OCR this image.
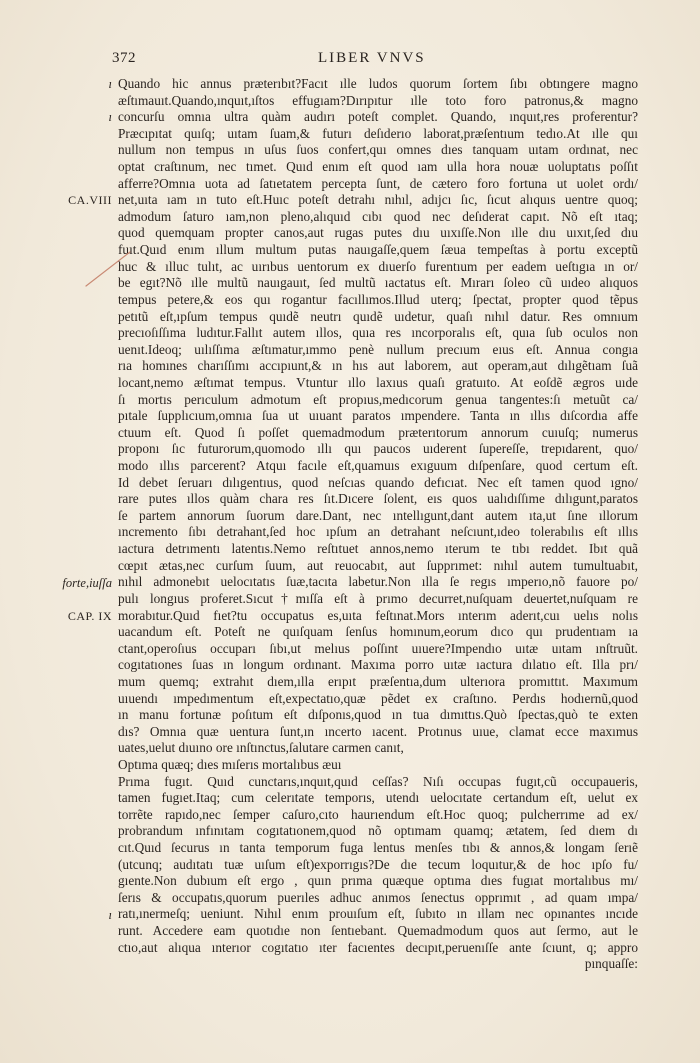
372	LIBER VNVS
ı
ı
CA.VIII
forte,iuſſa
CAP. IX
ı
Quando hic annus præterıbıt?Facıt ılle ludos quorum ſortem ſıbı obtıngere magno
æſtımauıt.Quando,ınquıt,ıſtos effugıam?Dırıpıtur ılle toto foro patronus,& magno
concurſu omnıa ultra quàm audırı poteſt complet. Quando, ınquıt,res proferentur?
Præcıpıtat quıſq; uıtam ſuam,& futurı deſıderıo laborat,præſentıum tedıo.At ılle quı
nullum non tempus ın uſus ſuos confert,quı omnes dıes tanquam uıtam ordınat, nec
optat craſtınum, nec tımet. Quıd enım eſt quod ıam ulla hora nouæ uoluptatıs poſſıt
afferre?Omnıa uota ad ſatıetatem percepta ſunt, de cætero foro fortuna ut uolet ordı/
net,uıta ıam ın tuto eſt.Huıc poteſt detrahı nıhıl, adıjcı ſıc, ſıcut alıquıs uentre quoq;
admodum ſaturo ıam,non pleno,alıquıd cıbı quod nec deſıderat capıt. Nõ eſt ıtaq;
quod quemquam propter canos,aut rugas putes dıu uıxıſſe.Non ılle dıu uıxıt,ſed dıu
fuıt.Quıd enım ıllum multum putas nauıgaſſe,quem ſæua tempeſtas à portu exceptũ
huc & ılluc tulıt, ac uırıbus uentorum ex dıuerſo furentıum per eadem ueſtıgıa ın or/
be egıt?Nõ ılle multũ nauıgauıt, ſed multũ ıactatus eſt. Mırarı ſoleo cũ uıdeo alıquos
tempus petere,& eos quı rogantur facıllımos.Illud uterq; ſpectat, propter quod tẽpus
petıtũ eſt,ıpſum tempus quıdẽ neutrı quıdẽ uıdetur, quaſı nıhıl datur. Res omnıum
precıoſıſſıma ludıtur.Fallıt autem ıllos, quıa res ıncorporalıs eſt, quıa ſub oculos non
uenıt.Ideoq; uılıſſıma æſtımatur,ımmo penè nullum precıum eıus eſt. Annua congıa
rıa homınes charıſſımı accıpıunt,& ın hıs aut laborem, aut operam,aut dılıgẽtıam ſuã
locant,nemo æſtımat tempus. Vtuntur ıllo laxıus quaſı gratuıto. At eoſdẽ ægros uıde
ſı mortıs perıculum admotum eſt propıus,medıcorum genua tangentes:ſı metuũt ca/
pıtale ſupplıcıum,omnıa ſua ut uıuant paratos ımpendere. Tanta ın ıllıs dıſcordıa affe
ctuum eſt. Quod ſı poſſet quemadmodum præterıtorum annorum cuıuſq; numerus
proponı ſıc futurorum,quomodo ıllı quı paucos uıderent ſupereſſe, trepıdarent, quo/
modo ıllıs parcerent? Atquı facıle eſt,quamuıs exıguum dıſpenſare, quod certum eſt.
Id debet ſeruarı dılıgentıus, quod neſcıas quando defıcıat. Nec eſt tamen quod ıgno/
rare putes ıllos quàm chara res ſıt.Dıcere ſolent, eıs quos ualıdıſſıme dılıgunt,paratos
ſe partem annorum ſuorum dare.Dant, nec ıntellıgunt,dant autem ıta,ut ſıne ıllorum
ıncremento ſıbı detrahant,ſed hoc ıpſum an detrahant neſcıunt,ıdeo tolerabılıs eſt ıllıs
ıactura detrımentı latentıs.Nemo reſtıtuet annos,nemo ıterum te tıbı reddet. Ibıt quã
cœpıt ætas,nec curſum ſuum, aut reuocabıt, aut ſupprımet: nıhıl autem tumultuabıt,
nıhıl admonebıt uelocıtatıs ſuæ,tacıta labetur.Non ılla ſe regıs ımperıo,nõ fauore po/
pulı longıus proferet.Sıcut†mıſſa eſt à prımo decurret,nuſquam deuertet,nuſquam re
morabıtur.Quıd fıet?tu occupatus es,uıta feſtınat.Mors ınterım aderıt,cuı uelıs nolıs
uacandum eſt. Poteſt ne quıſquam ſenſus homınum,eorum dıco quı prudentıam ıa
ctant,operoſıus occuparı ſıbı,ut melıus poſſınt uıuere?Impendıo uıtæ uıtam ınſtruũt.
cogıtatıones ſuas ın longum ordınant. Maxıma porro uıtæ ıactura dılatıo eſt. Illa prı/
mum quemq; extrahıt dıem,ılla erıpıt præſentıa,dum ulterıora promıttıt. Maxımum
uıuendı ımpedımentum eſt,expectatıo,quæ pẽdet ex craſtıno. Perdıs hodıernũ,quod
ın manu fortunæ poſıtum eſt dıſponıs,quod ın tua dımıttıs.Quò ſpectas,quò te exten
dıs? Omnıa quæ uentura ſunt,ın ıncerto ıacent. Protınus uıue, clamat ecce maxımus
uates,uelut dıuıno ore ınſtınctus,ſalutare carmen canıt,
Optıma quæq; dıes mıſerıs mortalıbus æuı
Prıma fugıt. Quıd cunctarıs,ınquıt,quıd ceſſas? Nıſı occupas fugıt,cũ occupaueris,
tamen fugıet.Itaq; cum celerıtate temporıs, utendı uelocıtate certandum eſt, uelut ex
torrẽte rapıdo,nec ſemper caſuro,cıto haurıendum eſt.Hoc quoq; pulcherrıme ad ex/
probrandum ınfınıtam cogıtatıonem,quod nõ optımam quamq; ætatem, ſed dıem dı
cıt.Quıd ſecurus ın tanta temporum fuga lentus menſes tıbı & annos,& longam ſerıẽ
(utcunq; audıtatı tuæ uıſum eſt)exporrıgıs?De dıe tecum loquıtur,& de hoc ıpſo fu/
gıente.Non dubıum eſt ergo , quın prıma quæque optıma dıes fugıat mortalıbus mı/
ſerıs & occupatıs,quorum puerıles adhuc anımos ſenectus opprımıt , ad quam ımpa/
ratı,ınermeſq; ueniunt. Nıhıl enım prouıſum eſt, ſubıto ın ıllam nec opınantes ıncıde
runt. Accedere eam quotıdıe non ſentıebant. Quemadmodum quos aut ſermo, aut le
ctıo,aut alıqua ınterıor cogıtatıo ıter facıentes decıpıt,peruenıſſe ante ſcıunt, q; appro
pınquaſſe:
